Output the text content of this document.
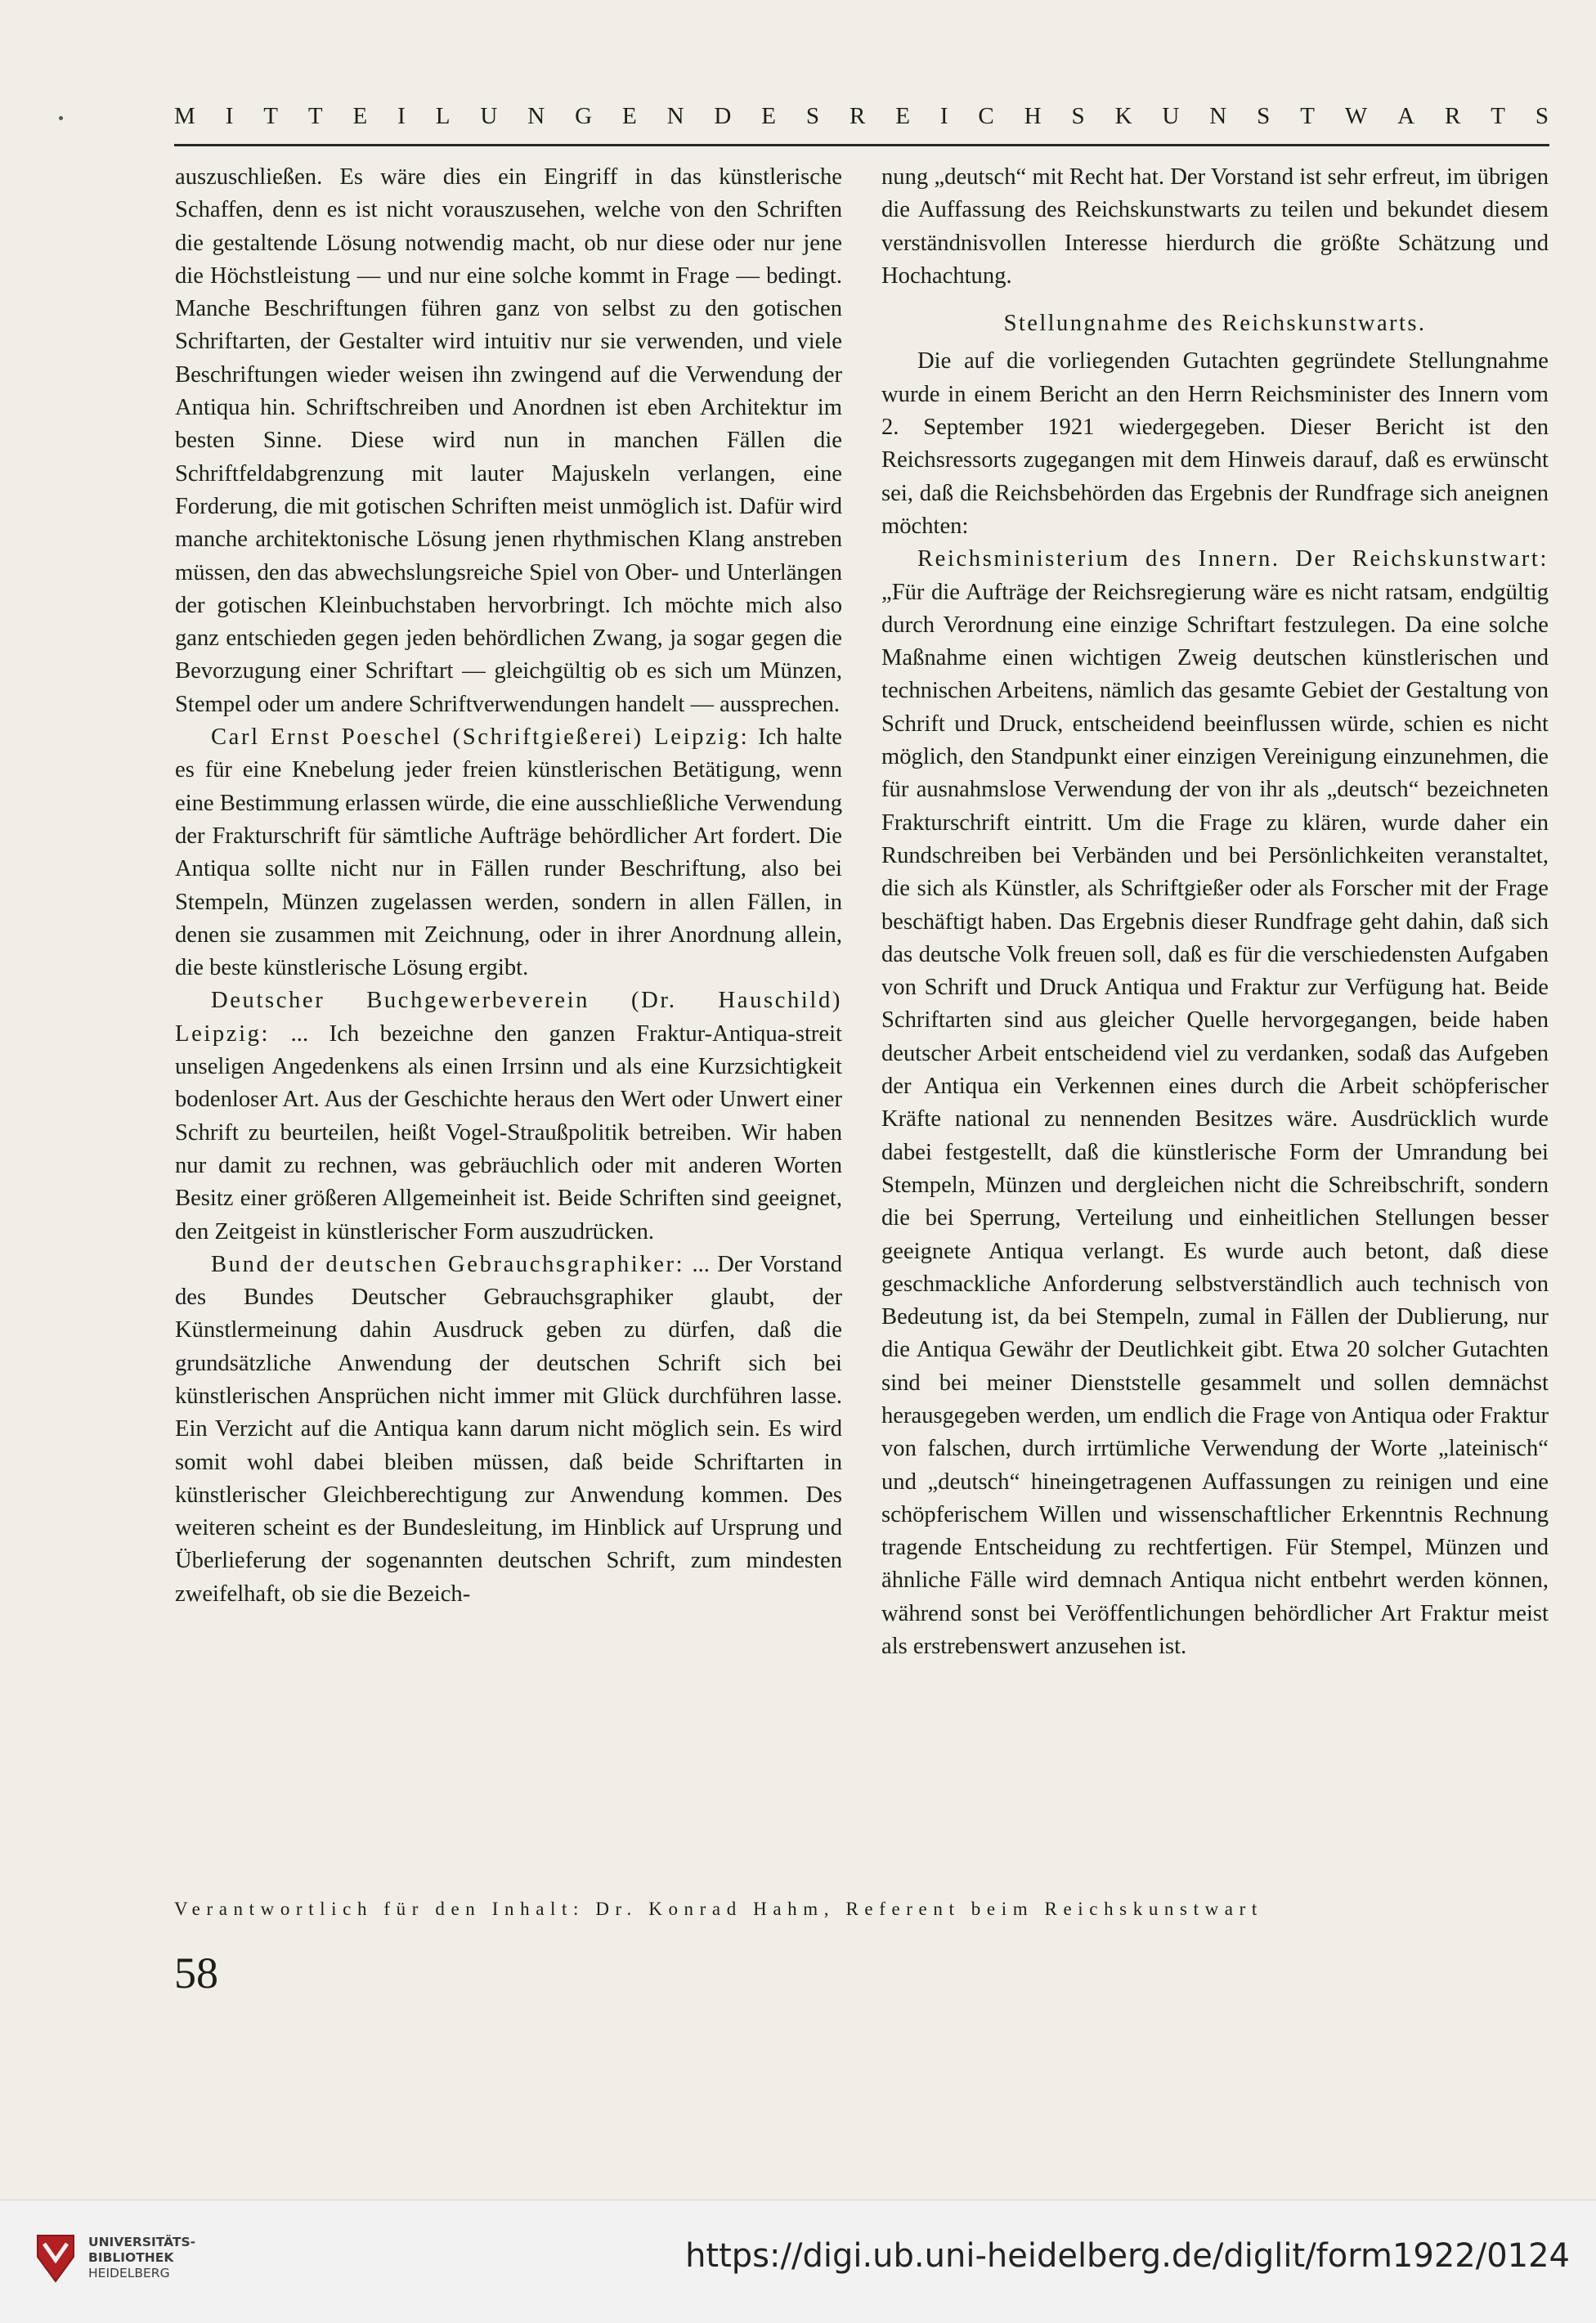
M I T T E I L U N G E N D E S R E I C H S K U N S T W A R T S

auszuschließen. Es wäre dies ein Eingriff in das künstlerische Schaffen, denn es ist nicht vorauszusehen, welche von den Schriften die gestaltende Lösung notwendig macht, ob nur diese oder nur jene die Höchstleistung — und nur eine solche kommt in Frage — bedingt. Manche Beschriftungen führen ganz von selbst zu den gotischen Schriftarten, der Gestalter wird intuitiv nur sie verwenden, und viele Beschriftungen wieder weisen ihn zwingend auf die Verwendung der Antiqua hin. Schriftschreiben und Anordnen ist eben Architektur im besten Sinne. Diese wird nun in manchen Fällen die Schriftfeldabgrenzung mit lauter Majuskeln verlangen, eine Forderung, die mit gotischen Schriften meist unmöglich ist. Dafür wird manche architektonische Lösung jenen rhythmischen Klang anstreben müssen, den das abwechslungsreiche Spiel von Ober- und Unterlängen der gotischen Kleinbuchstaben hervorbringt. Ich möchte mich also ganz entschieden gegen jeden behördlichen Zwang, ja sogar gegen die Bevorzugung einer Schriftart — gleichgültig ob es sich um Münzen, Stempel oder um andere Schriftverwendungen handelt — aussprechen.

Carl Ernst Poeschel (Schriftgießerei) Leipzig: Ich halte es für eine Knebelung jeder freien künstlerischen Betätigung, wenn eine Bestimmung erlassen würde, die eine ausschließliche Verwendung der Frakturschrift für sämtliche Aufträge behördlicher Art fordert. Die Antiqua sollte nicht nur in Fällen runder Beschriftung, also bei Stempeln, Münzen zugelassen werden, sondern in allen Fällen, in denen sie zusammen mit Zeichnung, oder in ihrer Anordnung allein, die beste künstlerische Lösung ergibt.

Deutscher Buchgewerbeverein (Dr. Hauschild) Leipzig: ... Ich bezeichne den ganzen Fraktur-Antiqua-streit unseligen Angedenkens als einen Irrsinn und als eine Kurzsichtigkeit bodenloser Art. Aus der Geschichte heraus den Wert oder Unwert einer Schrift zu beurteilen, heißt Vogel-Straußpolitik betreiben. Wir haben nur damit zu rechnen, was gebräuchlich oder mit anderen Worten Besitz einer größeren Allgemeinheit ist. Beide Schriften sind geeignet, den Zeitgeist in künstlerischer Form auszudrücken.

Bund der deutschen Gebrauchsgraphiker: ... Der Vorstand des Bundes Deutscher Gebrauchsgraphiker glaubt, der Künstlermeinung dahin Ausdruck geben zu dürfen, daß die grundsätzliche Anwendung der deutschen Schrift sich bei künstlerischen Ansprüchen nicht immer mit Glück durchführen lasse. Ein Verzicht auf die Antiqua kann darum nicht möglich sein. Es wird somit wohl dabei bleiben müssen, daß beide Schriftarten in künstlerischer Gleichberechtigung zur Anwendung kommen. Des weiteren scheint es der Bundesleitung, im Hinblick auf Ursprung und Überlieferung der sogenannten deutschen Schrift, zum mindesten zweifelhaft, ob sie die Bezeich-

nung „deutsch“ mit Recht hat. Der Vorstand ist sehr erfreut, im übrigen die Auffassung des Reichskunstwarts zu teilen und bekundet diesem verständnisvollen Interesse hierdurch die größte Schätzung und Hochachtung.

Stellungnahme des Reichskunstwarts.

Die auf die vorliegenden Gutachten gegründete Stellungnahme wurde in einem Bericht an den Herrn Reichsminister des Innern vom 2. September 1921 wiedergegeben. Dieser Bericht ist den Reichsressorts zugegangen mit dem Hinweis darauf, daß es erwünscht sei, daß die Reichsbehörden das Ergebnis der Rundfrage sich aneignen möchten:

Reichsministerium des Innern. Der Reichskunstwart: „Für die Aufträge der Reichsregierung wäre es nicht ratsam, endgültig durch Verordnung eine einzige Schriftart festzulegen. Da eine solche Maßnahme einen wichtigen Zweig deutschen künstlerischen und technischen Arbeitens, nämlich das gesamte Gebiet der Gestaltung von Schrift und Druck, entscheidend beeinflussen würde, schien es nicht möglich, den Standpunkt einer einzigen Vereinigung einzunehmen, die für ausnahmslose Verwendung der von ihr als „deutsch“ bezeichneten Frakturschrift eintritt. Um die Frage zu klären, wurde daher ein Rundschreiben bei Verbänden und bei Persönlichkeiten veranstaltet, die sich als Künstler, als Schriftgießer oder als Forscher mit der Frage beschäftigt haben. Das Ergebnis dieser Rundfrage geht dahin, daß sich das deutsche Volk freuen soll, daß es für die verschiedensten Aufgaben von Schrift und Druck Antiqua und Fraktur zur Verfügung hat. Beide Schriftarten sind aus gleicher Quelle hervorgegangen, beide haben deutscher Arbeit entscheidend viel zu verdanken, sodaß das Aufgeben der Antiqua ein Verkennen eines durch die Arbeit schöpferischer Kräfte national zu nennenden Besitzes wäre. Ausdrücklich wurde dabei festgestellt, daß die künstlerische Form der Umrandung bei Stempeln, Münzen und dergleichen nicht die Schreibschrift, sondern die bei Sperrung, Verteilung und einheitlichen Stellungen besser geeignete Antiqua verlangt. Es wurde auch betont, daß diese geschmackliche Anforderung selbstverständlich auch technisch von Bedeutung ist, da bei Stempeln, zumal in Fällen der Dublierung, nur die Antiqua Gewähr der Deutlichkeit gibt. Etwa 20 solcher Gutachten sind bei meiner Dienststelle gesammelt und sollen demnächst herausgegeben werden, um endlich die Frage von Antiqua oder Fraktur von falschen, durch irrtümliche Verwendung der Worte „lateinisch“ und „deutsch“ hineingetragenen Auffassungen zu reinigen und eine schöpferischem Willen und wissenschaftlicher Erkenntnis Rechnung tragende Entscheidung zu rechtfertigen. Für Stempel, Münzen und ähnliche Fälle wird demnach Antiqua nicht entbehrt werden können, während sonst bei Veröffentlichungen behördlicher Art Fraktur meist als erstrebenswert anzusehen ist.

Verantwortlich für den Inhalt: Dr. Konrad Hahm, Referent beim Reichskunstwart
58
UNIVERSITÄTS-
BIBLIOTHEK
HEIDELBERG	https://digi.ub.uni-heidelberg.de/diglit/form1922/0124
